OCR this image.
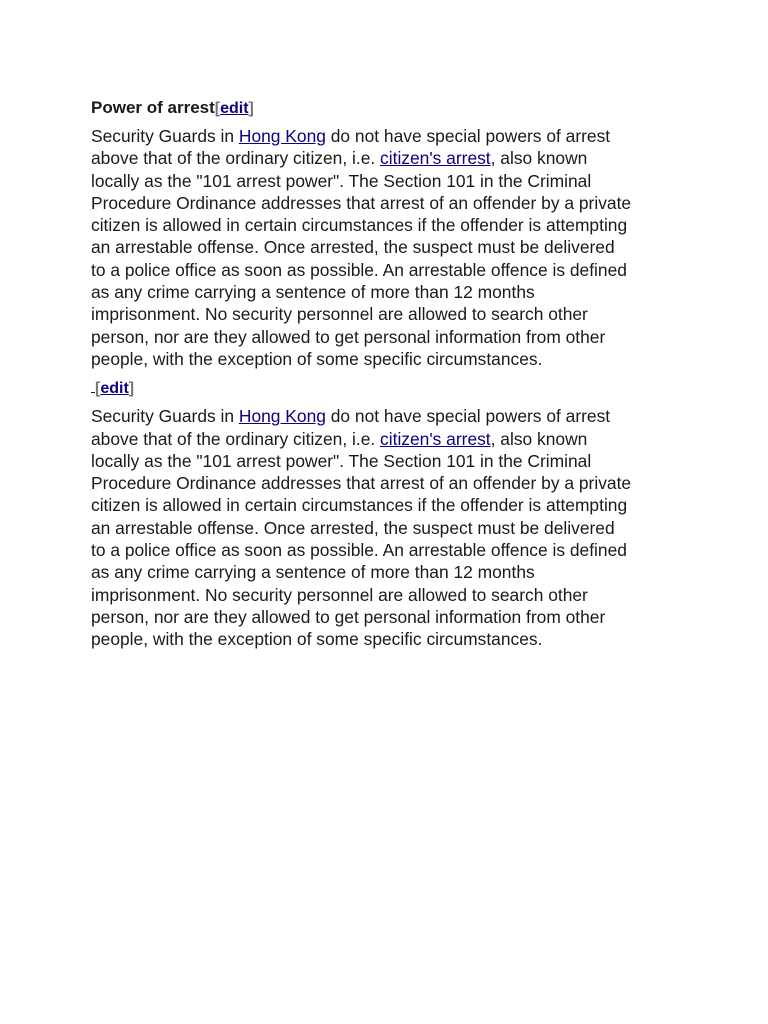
Power of arrest[edit]

Security Guards in Hong Kong do not have special powers of arrest
above that of the ordinary citizen, i.e. citizen's arrest, also known
locally as the "101 arrest power". The Section 101 in the Criminal
Procedure Ordinance addresses that arrest of an offender by a private
citizen is allowed in certain circumstances if the offender is attempting
an arrestable offense. Once arrested, the suspect must be delivered
to a police office as soon as possible. An arrestable offence is defined
as any crime carrying a sentence of more than 12 months
imprisonment. No security personnel are allowed to search other
person, nor are they allowed to get personal information from other
people, with the exception of some specific circumstances.

[edit]

Security Guards in Hong Kong do not have special powers of arrest
above that of the ordinary citizen, i.e. citizen's arrest, also known
locally as the "101 arrest power". The Section 101 in the Criminal
Procedure Ordinance addresses that arrest of an offender by a private
citizen is allowed in certain circumstances if the offender is attempting
an arrestable offense. Once arrested, the suspect must be delivered
to a police office as soon as possible. An arrestable offence is defined
as any crime carrying a sentence of more than 12 months
imprisonment. No security personnel are allowed to search other
person, nor are they allowed to get personal information from other
people, with the exception of some specific circumstances.
